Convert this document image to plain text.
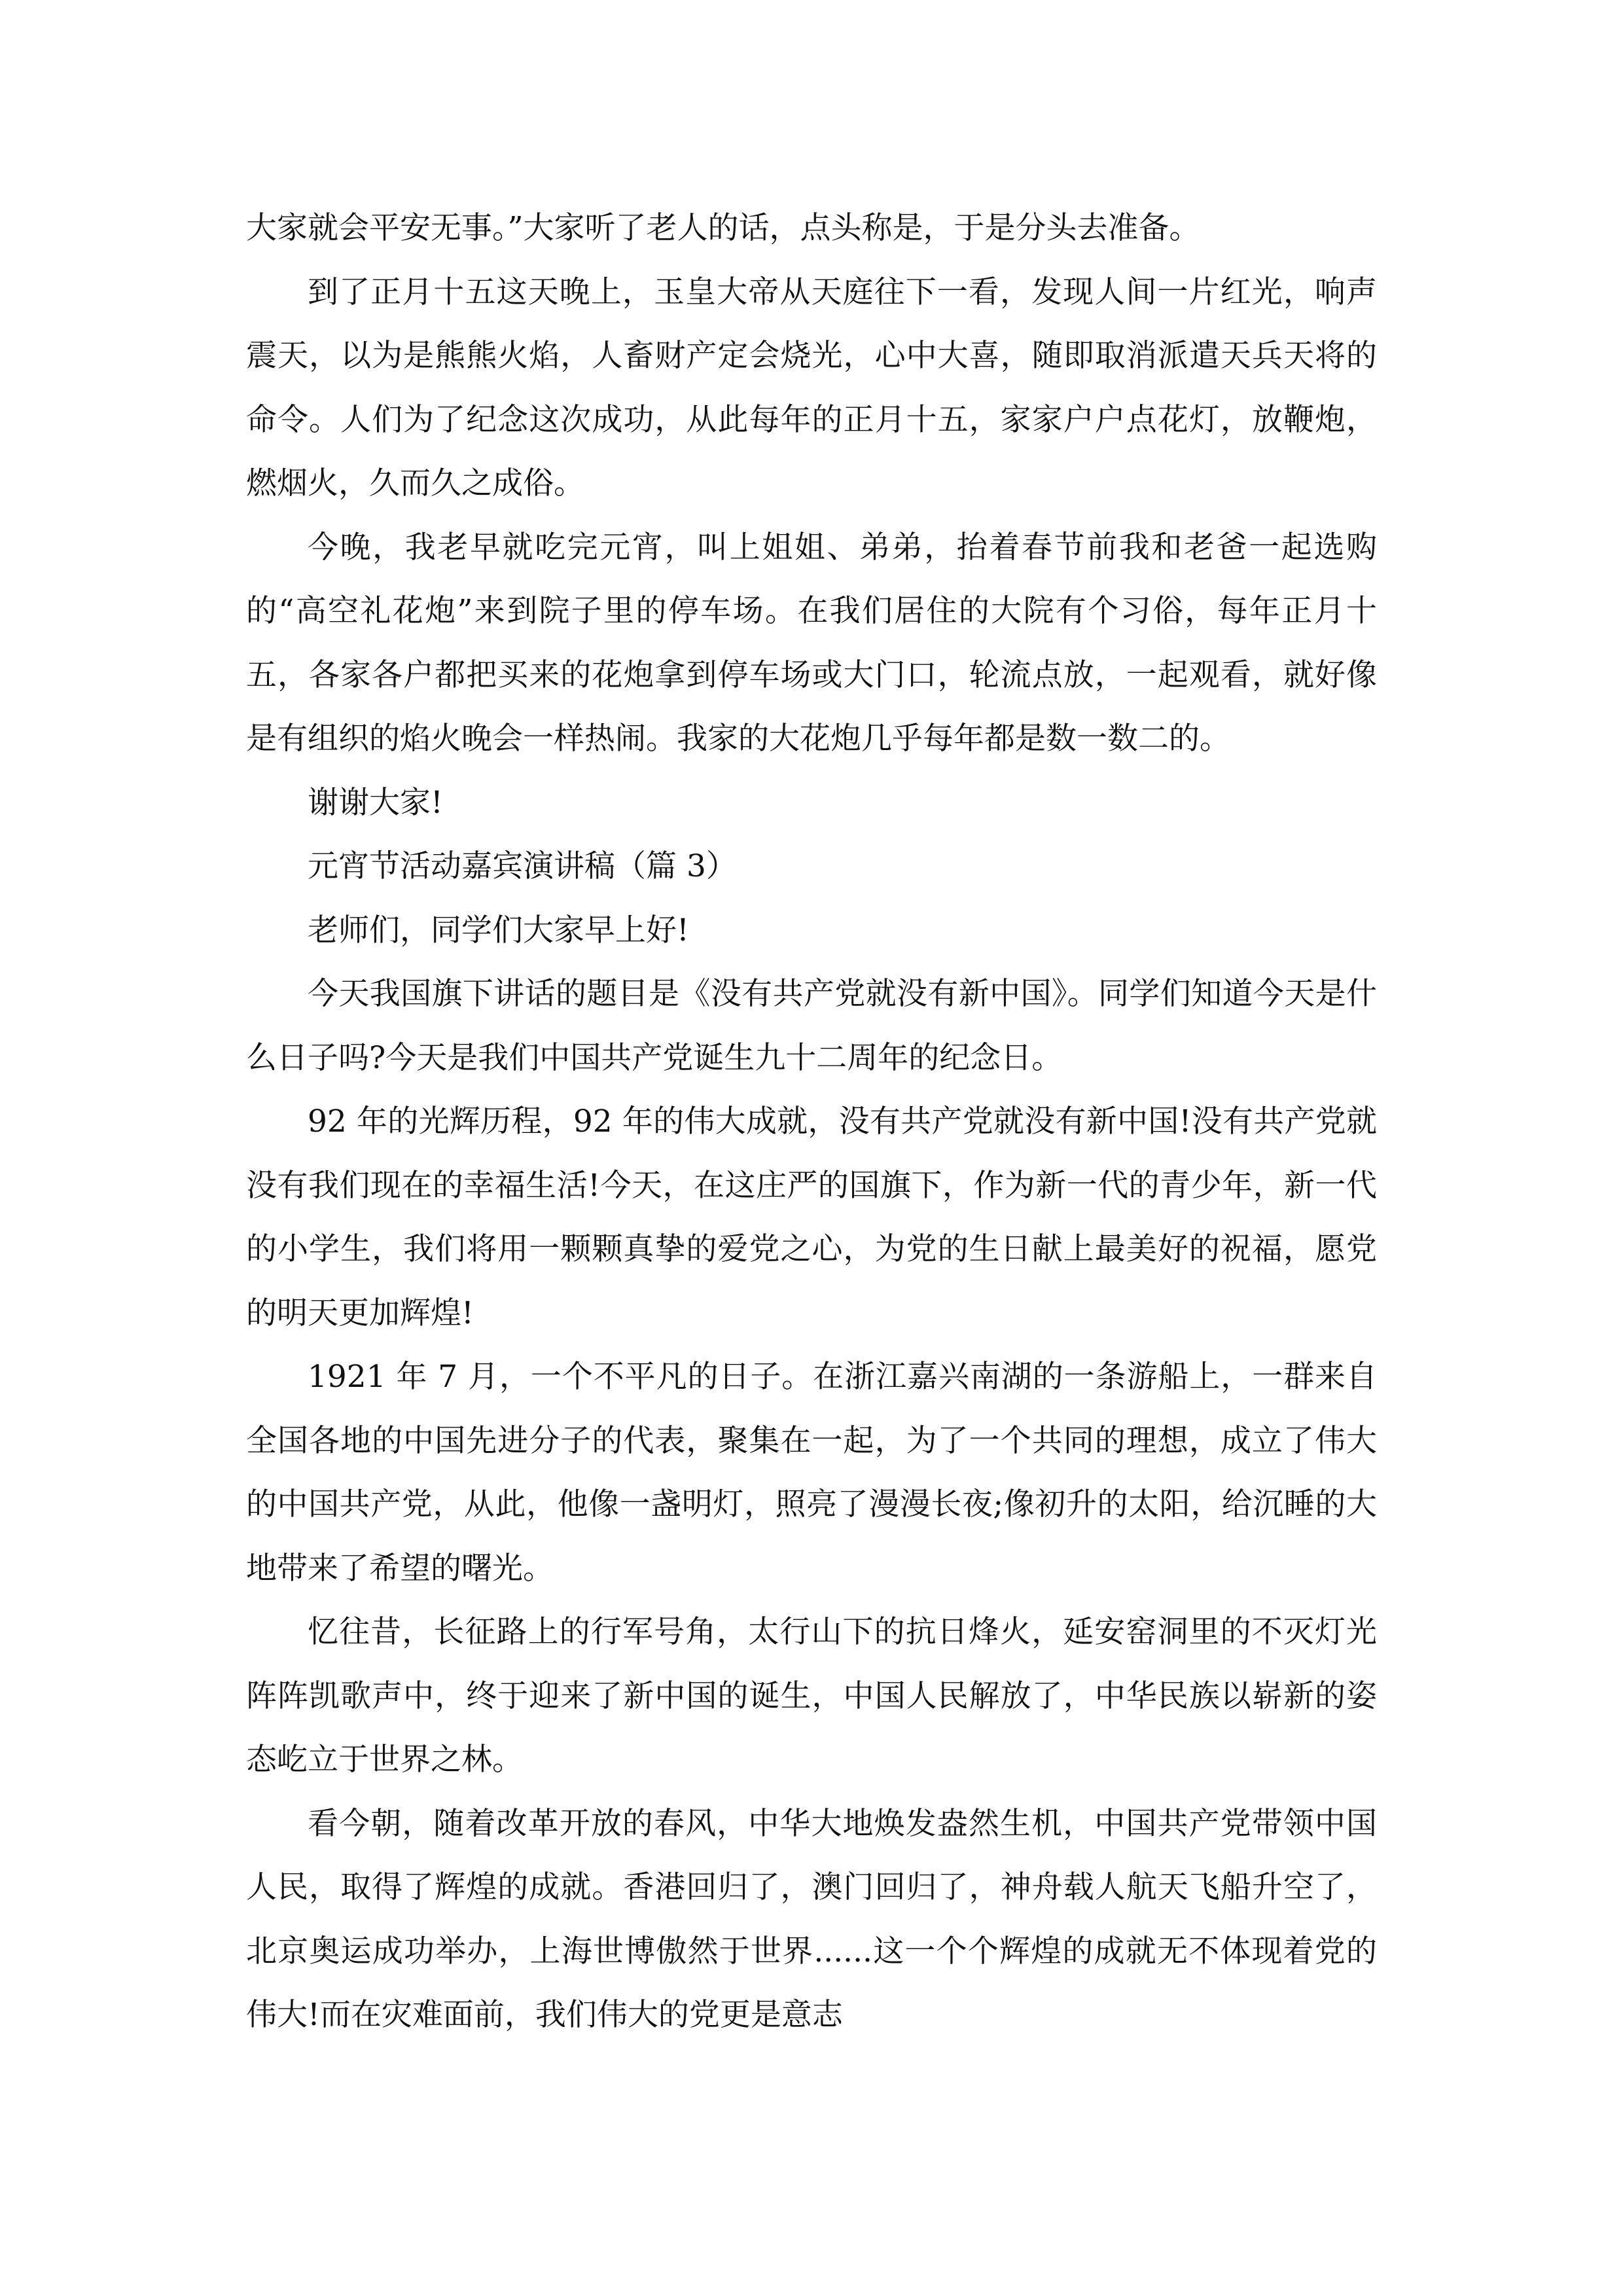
大家就会平安无事。”大家听了老人的话，点头称是，于是分头去准备。

到了正月十五这天晚上，玉皇大帝从天庭往下一看，发现人间一片红光，响声震天，以为是熊熊火焰，人畜财产定会烧光，心中大喜，随即取消派遣天兵天将的命令。人们为了纪念这次成功，从此每年的正月十五，家家户户点花灯，放鞭炮，燃烟火，久而久之成俗。

今晚，我老早就吃完元宵，叫上姐姐、弟弟，抬着春节前我和老爸一起选购的“高空礼花炮”来到院子里的停车场。在我们居住的大院有个习俗，每年正月十五，各家各户都把买来的花炮拿到停车场或大门口，轮流点放，一起观看，就好像是有组织的焰火晚会一样热闹。我家的大花炮几乎每年都是数一数二的。

谢谢大家!

元宵节活动嘉宾演讲稿（篇 3）

老师们，同学们大家早上好!

今天我国旗下讲话的题目是《没有共产党就没有新中国》。同学们知道今天是什么日子吗?今天是我们中国共产党诞生九十二周年的纪念日。

92 年的光辉历程，92 年的伟大成就，没有共产党就没有新中国!没有共产党就没有我们现在的幸福生活!今天，在这庄严的国旗下，作为新一代的青少年，新一代的小学生，我们将用一颗颗真挚的爱党之心，为党的生日献上最美好的祝福，愿党的明天更加辉煌!

1921 年 7 月，一个不平凡的日子。在浙江嘉兴南湖的一条游船上，一群来自全国各地的中国先进分子的代表，聚集在一起，为了一个共同的理想，成立了伟大的中国共产党，从此，他像一盏明灯，照亮了漫漫长夜;像初升的太阳，给沉睡的大地带来了希望的曙光。

忆往昔，长征路上的行军号角，太行山下的抗日烽火，延安窑洞里的不灭灯光 阵阵凯歌声中，终于迎来了新中国的诞生，中国人民解放了，中华民族以崭新的姿态屹立于世界之林。

看今朝，随着改革开放的春风，中华大地焕发盎然生机，中国共产党带领中国人民，取得了辉煌的成就。香港回归了，澳门回归了，神舟载人航天飞船升空了，北京奥运成功举办，上海世博傲然于世界......这一个个辉煌的成就无不体现着党的伟大!而在灾难面前，我们伟大的党更是意志
